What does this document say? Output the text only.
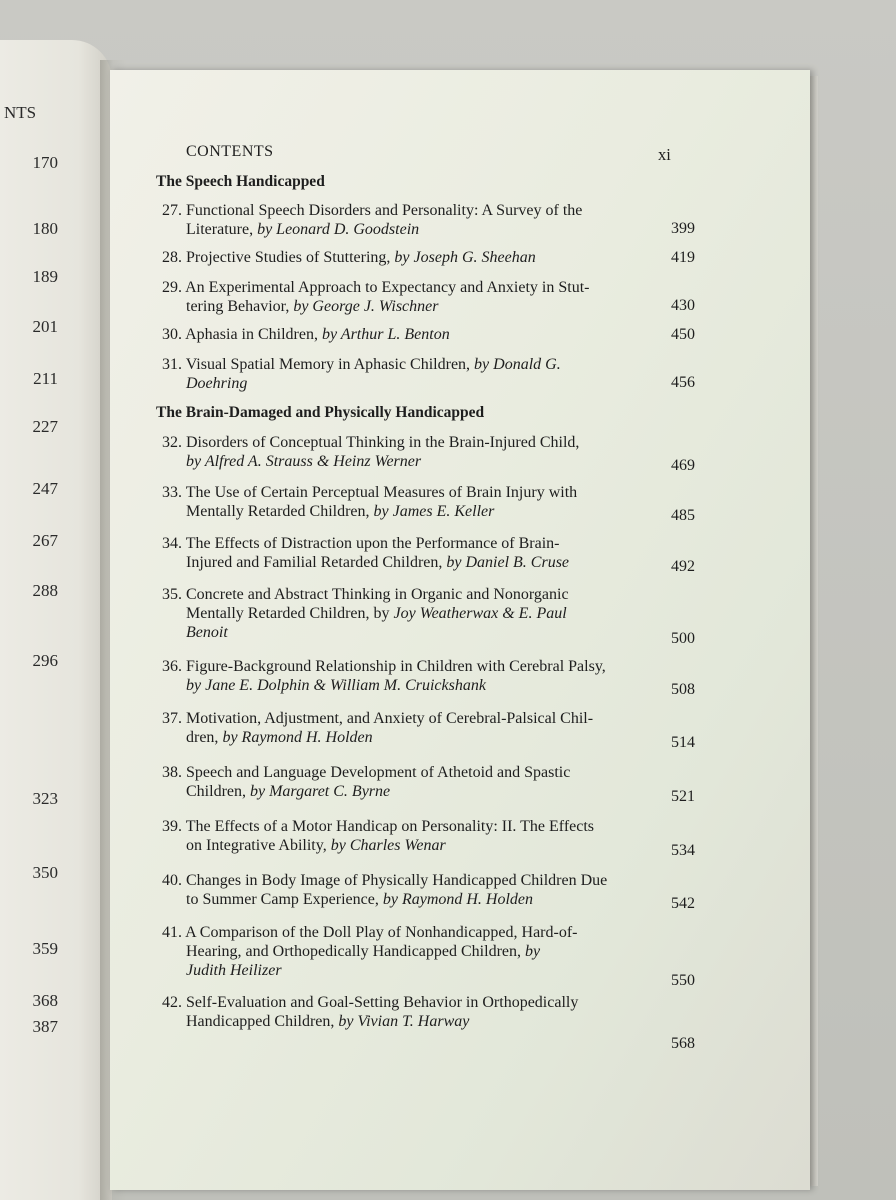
NTS
170
180
189
201
211
227
247
267
288
296
323
350
359
368
387
CONTENTS	xi
The Speech Handicapped
27. Functional Speech Disorders and Personality: A Survey of the
Literature, by Leonard D. Goodstein	399
28. Projective Studies of Stuttering, by Joseph G. Sheehan	419
29. An Experimental Approach to Expectancy and Anxiety in Stut-
tering Behavior, by George J. Wischner	430
30. Aphasia in Children, by Arthur L. Benton	450
31. Visual Spatial Memory in Aphasic Children, by Donald G.
Doehring	456
The Brain-Damaged and Physically Handicapped
32. Disorders of Conceptual Thinking in the Brain-Injured Child,
by Alfred A. Strauss & Heinz Werner	469
33. The Use of Certain Perceptual Measures of Brain Injury with
Mentally Retarded Children, by James E. Keller	485
34. The Effects of Distraction upon the Performance of Brain-
Injured and Familial Retarded Children, by Daniel B. Cruse	492
35. Concrete and Abstract Thinking in Organic and Nonorganic
Mentally Retarded Children, by Joy Weatherwax & E. Paul
Benoit	500
36. Figure-Background Relationship in Children with Cerebral Palsy,
by Jane E. Dolphin & William M. Cruickshank	508
37. Motivation, Adjustment, and Anxiety of Cerebral-Palsical Chil-
dren, by Raymond H. Holden	514
38. Speech and Language Development of Athetoid and Spastic
Children, by Margaret C. Byrne	521
39. The Effects of a Motor Handicap on Personality: II. The Effects
on Integrative Ability, by Charles Wenar	534
40. Changes in Body Image of Physically Handicapped Children Due
to Summer Camp Experience, by Raymond H. Holden	542
41. A Comparison of the Doll Play of Nonhandicapped, Hard-of-
Hearing, and Orthopedically Handicapped Children, by
Judith Heilizer
550
42. Self-Evaluation and Goal-Setting Behavior in Orthopedically
Handicapped Children, by Vivian T. Harway
568
